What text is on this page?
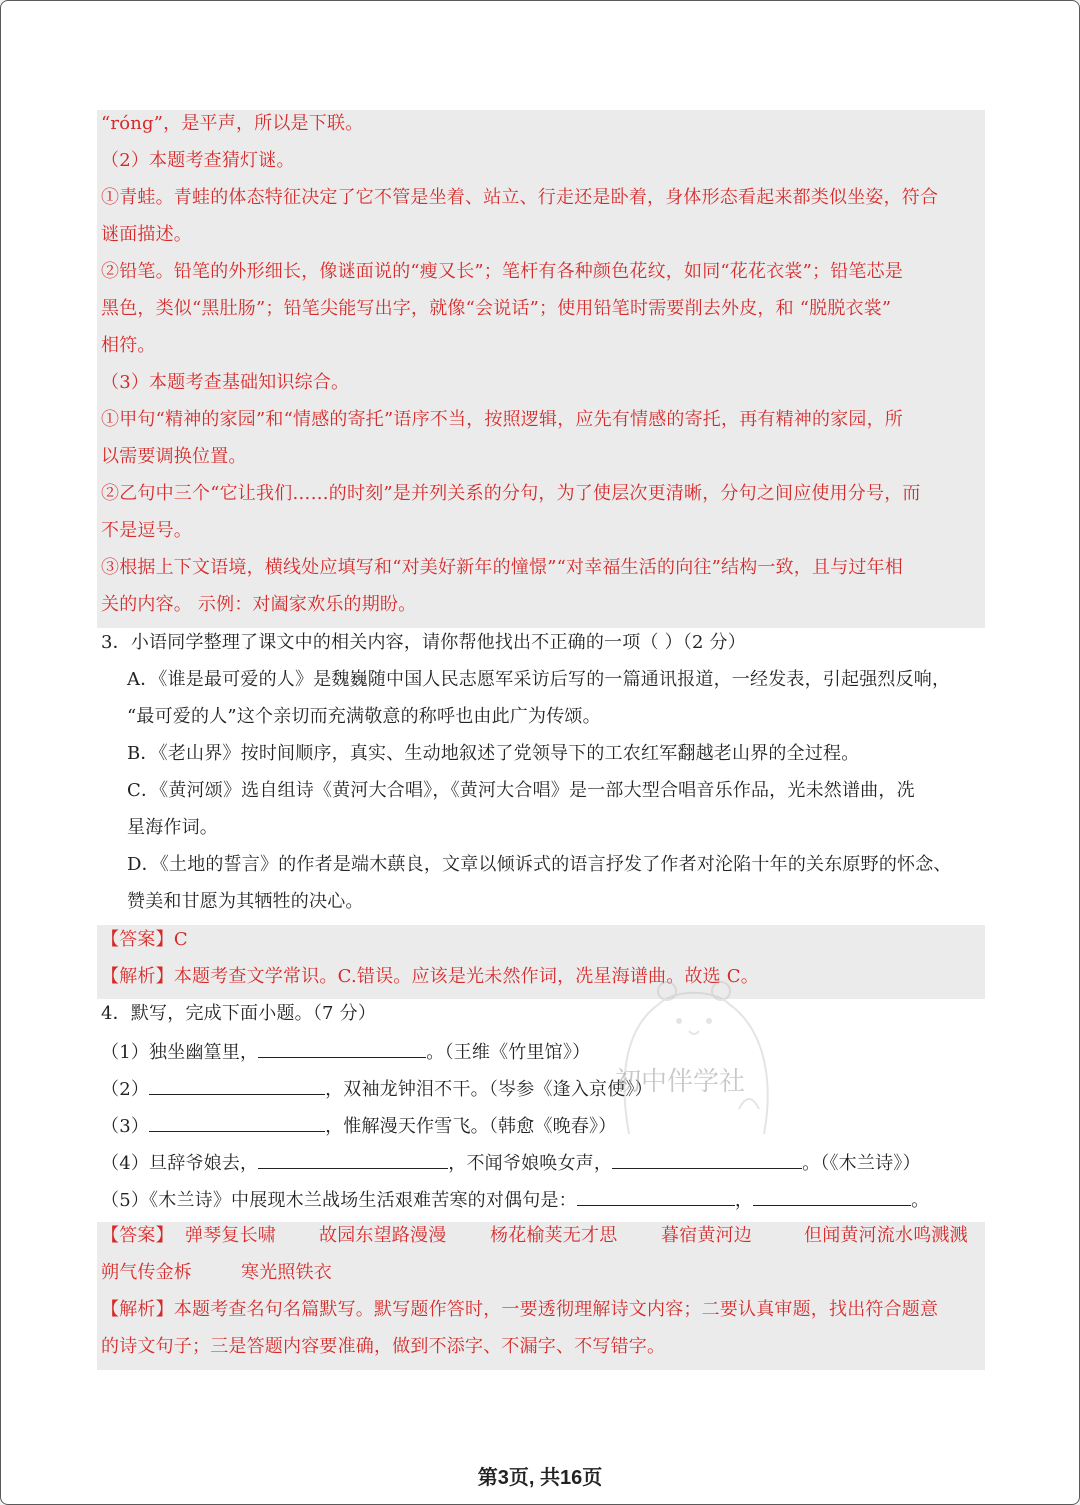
“róng”，是平声，所以是下联。
（2）本题考查猜灯谜。
①青蛙。青蛙的体态特征决定了它不管是坐着、站立、行走还是卧着，身体形态看起来都类似坐姿，符合
谜面描述。
②铅笔。铅笔的外形细长，像谜面说的“瘦又长”；笔杆有各种颜色花纹，如同“花花衣裳”；铅笔芯是
黑色，类似“黑肚肠”；铅笔尖能写出字，就像“会说话”；使用铅笔时需要削去外皮，和 “脱脱衣裳”
相符。
（3）本题考查基础知识综合。
①甲句“精神的家园”和“情感的寄托”语序不当，按照逻辑，应先有情感的寄托，再有精神的家园，所
以需要调换位置。
②乙句中三个“它让我们……的时刻”是并列关系的分句，为了使层次更清晰，分句之间应使用分号，而
不是逗号。
③根据上下文语境，横线处应填写和“对美好新年的憧憬”“对幸福生活的向往”结构一致，且与过年相
关的内容。 示例：对阖家欢乐的期盼。
3．小语同学整理了课文中的相关内容，请你帮他找出不正确的一项（ ）（2 分）
A．《谁是最可爱的人》是魏巍随中国人民志愿军采访后写的一篇通讯报道，一经发表，引起强烈反响，
“最可爱的人”这个亲切而充满敬意的称呼也由此广为传颂。
B．《老山界》按时间顺序，真实、生动地叙述了党领导下的工农红军翻越老山界的全过程。
C．《黄河颂》选自组诗《黄河大合唱》，《黄河大合唱》是一部大型合唱音乐作品，光未然谱曲，冼
星海作词。
D．《土地的誓言》的作者是端木蕻良，文章以倾诉式的语言抒发了作者对沦陷十年的关东原野的怀念、
赞美和甘愿为其牺牲的决心。
【答案】C
【解析】本题考查文学常识。C.错误。应该是光未然作词，冼星海谱曲。故选 C。
4．默写，完成下面小题。（7 分）
（1）独坐幽篁里，	。（王维《竹里馆》）
（2）	，双袖龙钟泪不干。（岑参《逢入京使》）
（3）	，惟解漫天作雪飞。（韩愈《晚春》）
（4）旦辞爷娘去，	，不闻爷娘唤女声，	。（《木兰诗》）
（5）《木兰诗》中展现木兰战场生活艰难苦寒的对偶句是：	，	。
【答案】 弹琴复长啸 故园东望路漫漫 杨花榆荚无才思 暮宿黄河边	但闻黄河流水鸣溅溅
朔气传金柝	寒光照铁衣
【解析】本题考查名句名篇默写。默写题作答时，一要透彻理解诗文内容；二要认真审题，找出符合题意
的诗文句子；三是答题内容要准确，做到不添字、不漏字、不写错字。
初中伴学社
第3页, 共16页
